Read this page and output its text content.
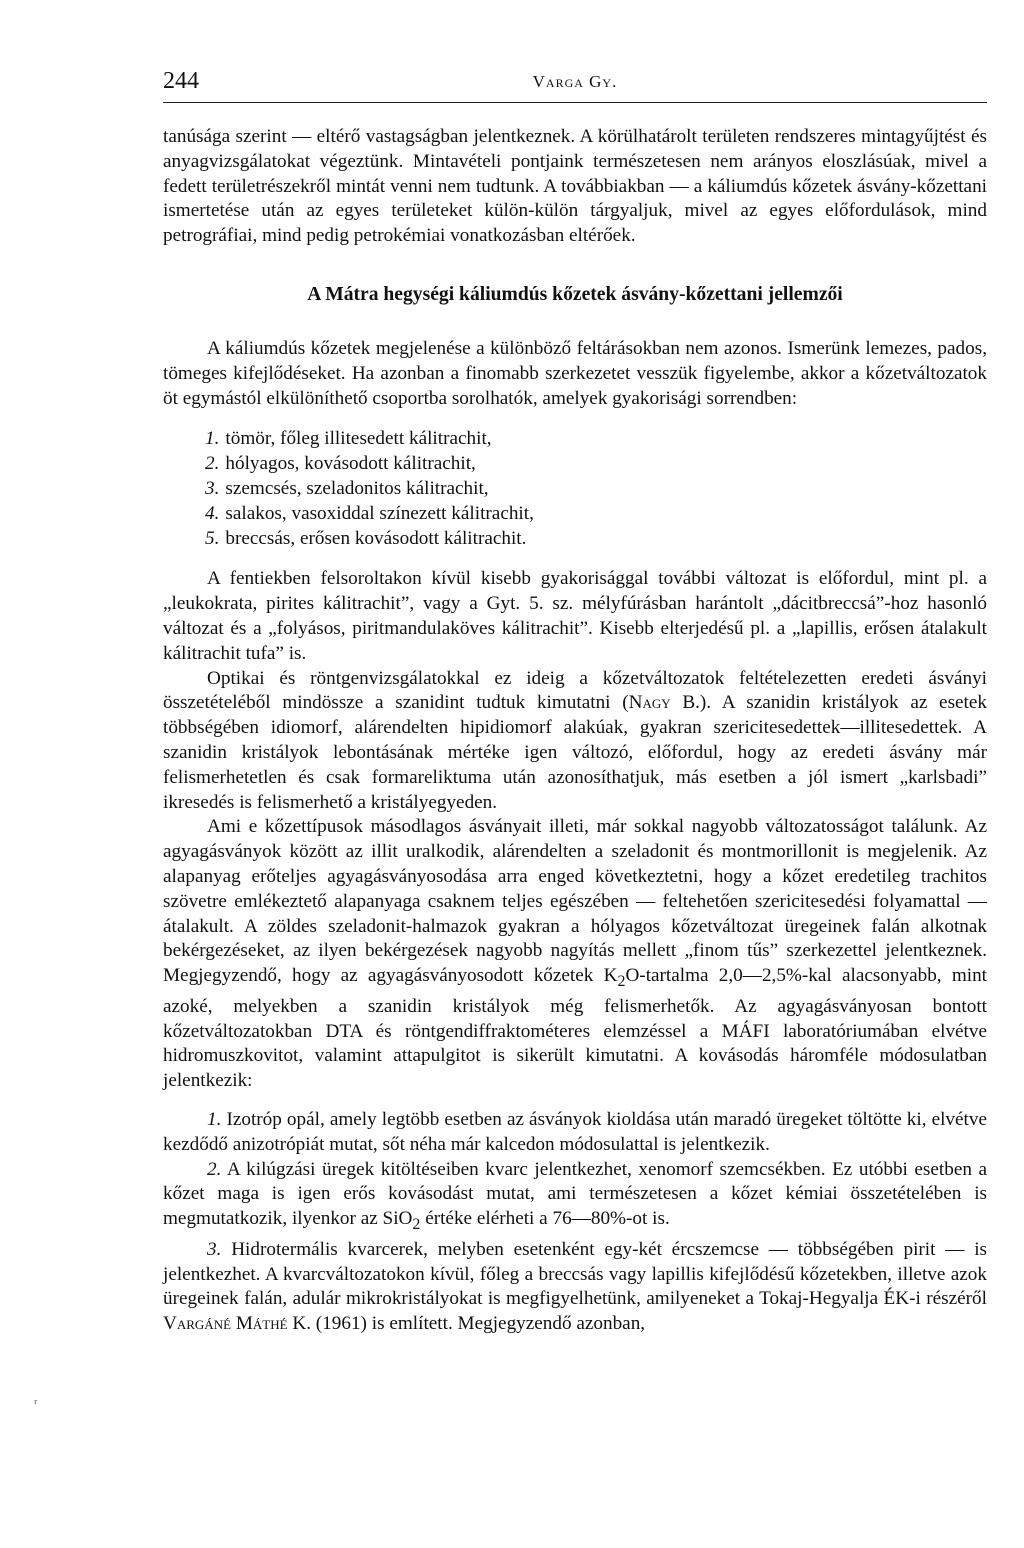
244	Varga Gy.

tanúsága szerint — eltérő vastagságban jelentkeznek. A körülhatárolt területen rendszeres mintagyűjtést és anyagvizsgálatokat végeztünk. Mintavételi pontjaink természetesen nem arányos eloszlásúak, mivel a fedett területrészekről mintát venni nem tudtunk. A továbbiakban — a káliumdús kőzetek ásvány-kőzettani ismertetése után az egyes területeket külön-külön tárgyaljuk, mivel az egyes előfordulások, mind petrográfiai, mind pedig petrokémiai vonatkozásban eltérőek.

A Mátra hegységi káliumdús kőzetek ásvány-kőzettani jellemzői

A káliumdús kőzetek megjelenése a különböző feltárásokban nem azonos. Ismerünk lemezes, pados, tömeges kifejlődéseket. Ha azonban a finomabb szerkezetet vesszük figyelembe, akkor a kőzetváltozatok öt egymástól elkülöníthető csoportba sorolhatók, amelyek gyakorisági sorrendben:

1. tömör, főleg illitesedett kálitrachit,
2. hólyagos, kovásodott kálitrachit,
3. szemcsés, szeladonitos kálitrachit,
4. salakos, vasoxiddal színezett kálitrachit,
5. breccsás, erősen kovásodott kálitrachit.

A fentiekben felsoroltakon kívül kisebb gyakorisággal további változat is előfordul, mint pl. a „leukokrata, pirites kálitrachit”, vagy a Gyt. 5. sz. mélyfúrásban harántolt „dácitbreccsá”-hoz hasonló változat és a „folyásos, piritmandulaköves kálitrachit”. Kisebb elterjedésű pl. a „lapillis, erősen átalakult kálitrachit tufa” is.

Optikai és röntgenvizsgálatokkal ez ideig a kőzetváltozatok feltételezetten eredeti ásványi összetételéből mindössze a szanidint tudtuk kimutatni (Nagy B.). A szanidin kristályok az esetek többségében idiomorf, alárendelten hipidiomorf alakúak, gyakran szericitesedettek—illitesedettek. A szanidin kristályok lebontásának mértéke igen változó, előfordul, hogy az eredeti ásvány már felismerhetetlen és csak formareliktuma után azonosíthatjuk, más esetben a jól ismert „karlsbadi” ikresedés is felismerhető a kristályegyeden.

Ami e kőzettípusok másodlagos ásványait illeti, már sokkal nagyobb változatosságot találunk. Az agyagásványok között az illit uralkodik, alárendelten a szeladonit és montmorillonit is megjelenik. Az alapanyag erőteljes agyagásványosodása arra enged következtetni, hogy a kőzet eredetileg trachitos szövetre emlékeztető alapanyaga csaknem teljes egészében — feltehetően szericitesedési folyamattal — átalakult. A zöldes szeladonit-halmazok gyakran a hólyagos kőzetváltozat üregeinek falán alkotnak bekérgezéseket, az ilyen bekérgezések nagyobb nagyítás mellett „finom tűs” szerkezettel jelentkeznek. Megjegyzendő, hogy az agyagásványosodott kőzetek $K_2O$-tartalma 2,0—2,5%-kal alacsonyabb, mint azoké, melyekben a szanidin kristályok még felismerhetők. Az agyagásványosan bontott kőzetváltozatokban DTA és röntgendiffraktométeres elemzéssel a MÁFI laboratóriumában elvétve hidromuszkovitot, valamint attapulgitot is sikerült kimutatni. A kovásodás háromféle módosulatban jelentkezik:

1. Izotróp opál, amely legtöbb esetben az ásványok kioldása után maradó üregeket töltötte ki, elvétve kezdődő anizotrópiát mutat, sőt néha már kalcedon módosulattal is jelentkezik.

2. A kilúgzási üregek kitöltéseiben kvarc jelentkezhet, xenomorf szemcsékben. Ez utóbbi esetben a kőzet maga is igen erős kovásodást mutat, ami természetesen a kőzet kémiai összetételében is megmutatkozik, ilyenkor az SiO$_2$ értéke elérheti a 76—80%-ot is.

3. Hidrotermális kvarcerek, melyben esetenként egy-két ércszemcse — többségében pirit — is jelentkezhet. A kvarcváltozatokon kívül, főleg a breccsás vagy lapillis kifejlődésű kőzetekben, illetve azok üregeinek falán, adulár mikrokristályokat is megfigyelhetünk, amilyeneket a Tokaj-Hegyalja ÉK-i részéről Vargáné Máthé K. (1961) is említett. Megjegyzendő azonban,

ʳ
